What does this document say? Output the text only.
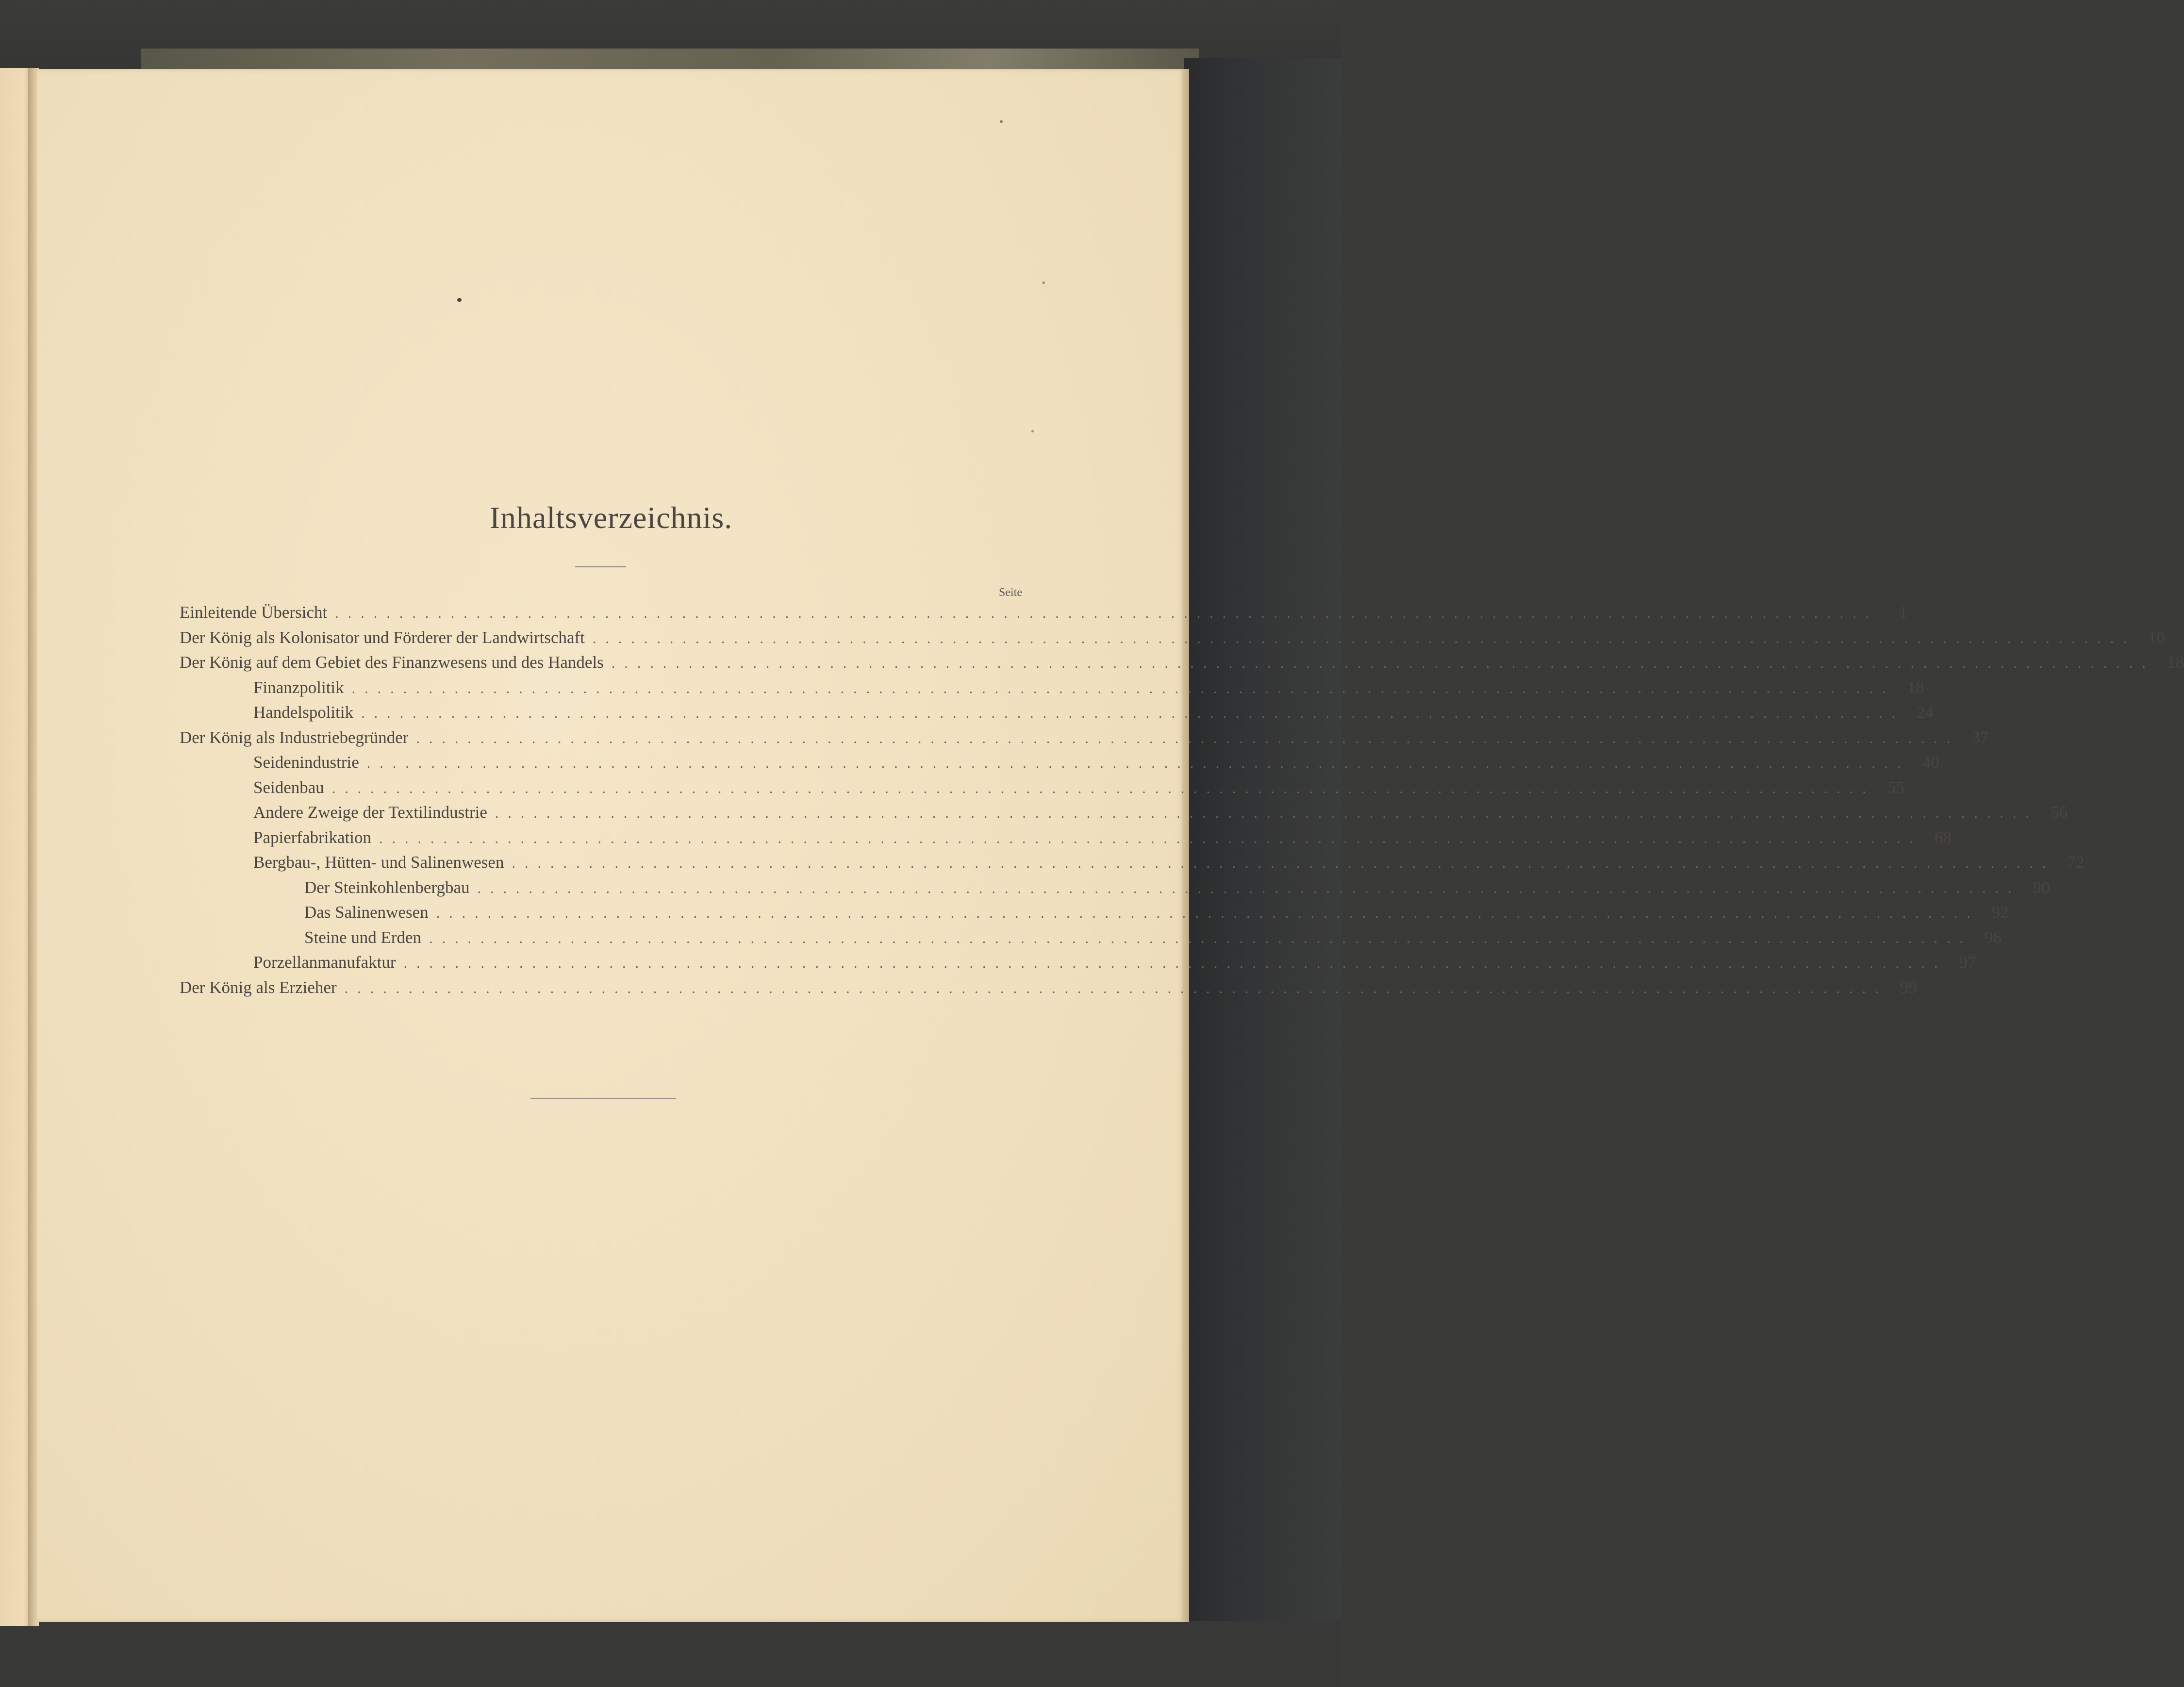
Inhaltsverzeichnis.
Seite
Einleitende Übersicht ........................................................................................................................	1
Der König als Kolonisator und Förderer der Landwirtschaft ........................................................................................................................ 10
Der König auf dem Gebiet des Finanzwesens und des Handels ........................................................................................................................ 18
Finanzpolitik ........................................................................................................................ 18
Handelspolitik ........................................................................................................................ 24
Der König als Industriebegründer ........................................................................................................................ 37
Seidenindustrie ........................................................................................................................ 40
Seidenbau ........................................................................................................................ 55
Andere Zweige der Textilindustrie ........................................................................................................................ 56
Papierfabrikation ........................................................................................................................ 68
Bergbau-, Hütten- und Salinenwesen ........................................................................................................................ 72
Der Steinkohlenbergbau ........................................................................................................................ 90
Das Salinenwesen ........................................................................................................................ 92
Steine und Erden ........................................................................................................................ 96
Porzellanmanufaktur ........................................................................................................................ 97
Der König als Erzieher ........................................................................................................................ 99
